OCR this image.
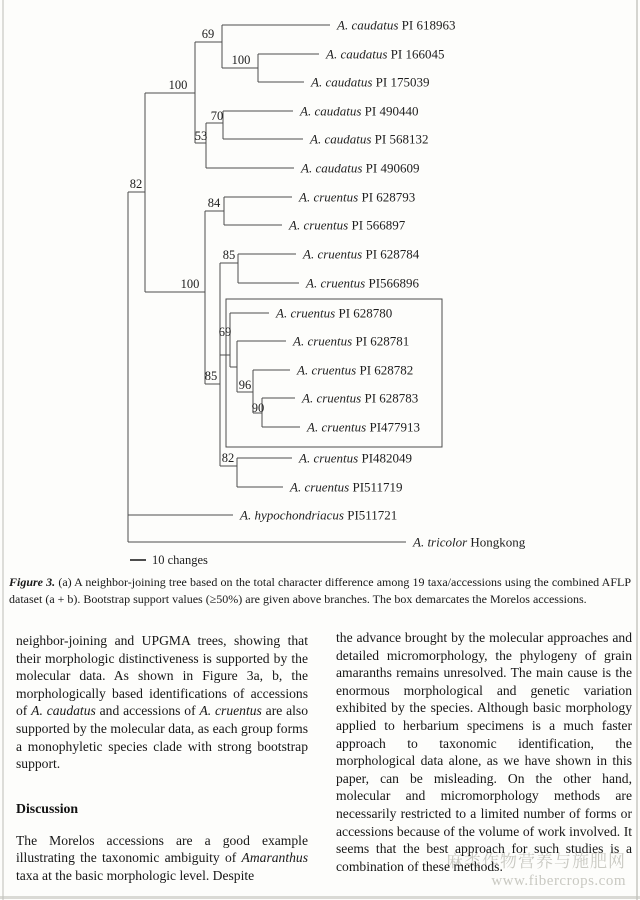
69
100
100
70
53
82
84
85
100
69
85
96
90
82
A. caudatus PI 618963
A. caudatus PI 166045
A. caudatus PI 175039
A. caudatus PI 490440
A. caudatus PI 568132
A. caudatus PI 490609
A. cruentus PI 628793
A. cruentus PI 566897
A. cruentus PI 628784
A. cruentus PI566896
A. cruentus PI 628780
A. cruentus PI 628781
A. cruentus PI 628782
A. cruentus PI 628783
A. cruentus PI477913
A. cruentus PI482049
A. cruentus PI511719
A. hypochondriacus PI511721
A. tricolor Hongkong
10 changes

Figure 3. (a) A neighbor-joining tree based on the total character difference among 19 taxa/accessions using the combined AFLP dataset (a + b). Bootstrap support values (≥50%) are given above branches. The box demarcates the Morelos accessions.

neighbor-joining and UPGMA trees, showing that their morphologic distinctiveness is supported by the molecular data. As shown in Figure 3a, b, the morphologically based identifications of accessions of A. caudatus and accessions of A. cruentus are also supported by the molecular data, as each group forms a monophyletic species clade with strong bootstrap support.

Discussion

The Morelos accessions are a good example illustrating the taxonomic ambiguity of Amaranthus taxa at the basic morphologic level. Despite

the advance brought by the molecular approaches and detailed micromorphology, the phylogeny of grain amaranths remains unresolved. The main cause is the enormous morphological and genetic variation exhibited by the species. Although basic morphology applied to herbarium specimens is a much faster approach to taxonomic identification, the morphological data alone, as we have shown in this paper, can be misleading. On the other hand, molecular and micromorphology methods are necessarily restricted to a limited number of forms or accessions because of the volume of work involved. It seems that the best approach for such studies is a combination of these methods.

麻类作物营养与施肥网
www.fibercrops.com
